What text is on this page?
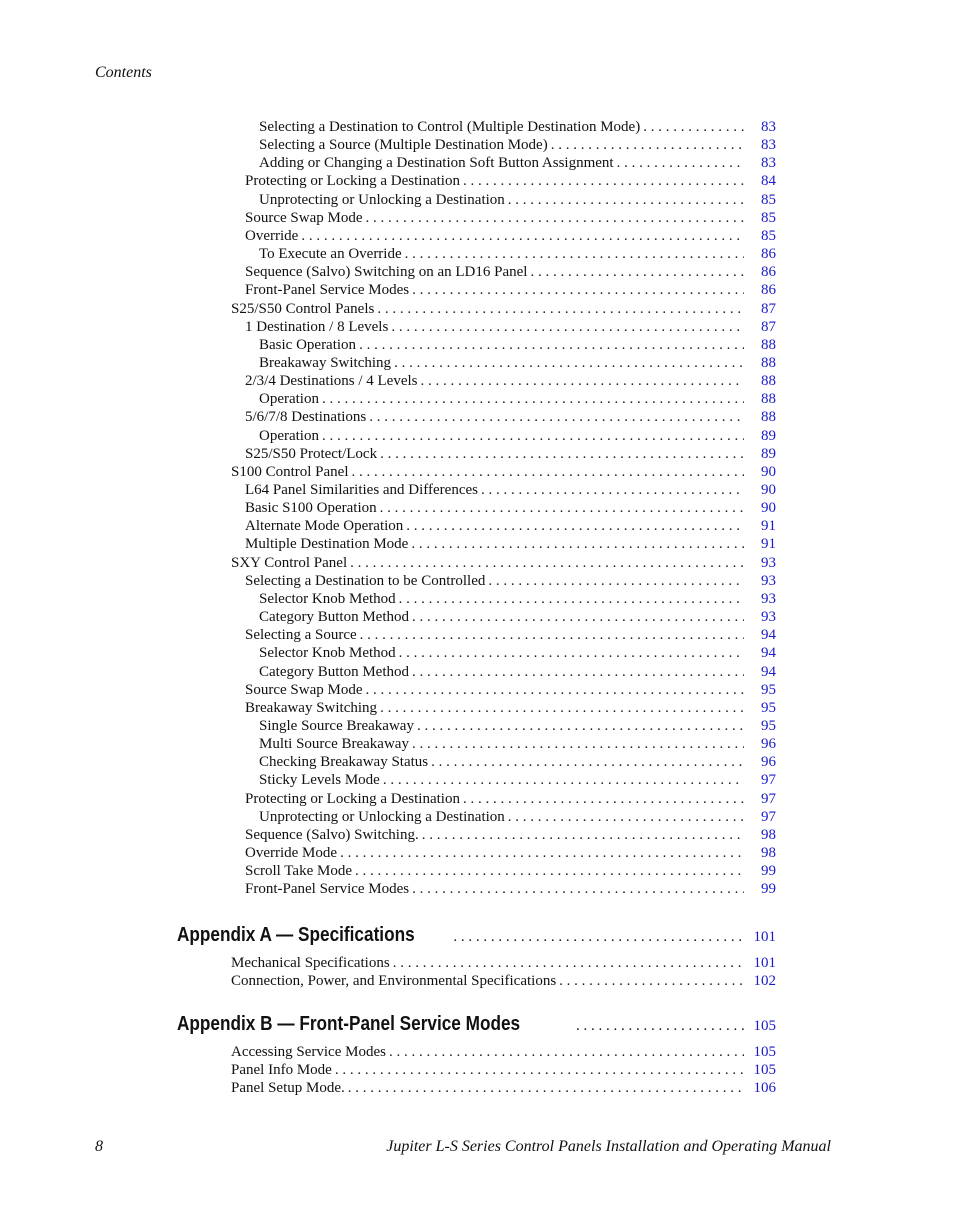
Contents
Selecting a Destination to Control (Multiple Destination Mode) . . .	83
Selecting a Source (Multiple Destination Mode) . . .	83
Adding or Changing a Destination Soft Button Assignment . . .	83
Protecting or Locking a Destination . . .	84
Unprotecting or Unlocking a Destination . . .	85
Source Swap Mode . . .	85
Override . . .	85
To Execute an Override . . .	86
Sequence (Salvo) Switching on an LD16 Panel . . .	86
Front-Panel Service Modes . . .	86
S25/S50 Control Panels . . .	87
1 Destination / 8 Levels . . .	87
Basic Operation . . .	88
Breakaway Switching . . .	88
2/3/4 Destinations / 4 Levels . . .	88
Operation . . .	88
5/6/7/8 Destinations . . .	88
Operation . . .	89
S25/S50 Protect/Lock . . .	89
S100 Control Panel . . .	90
L64 Panel Similarities and Differences . . .	90
Basic S100 Operation . . .	90
Alternate Mode Operation . . .	91
Multiple Destination Mode . . .	91
SXY Control Panel . . .	93
Selecting a Destination to be Controlled . . .	93
Selector Knob Method . . .	93
Category Button Method . . .	93
Selecting a Source . . .	94
Selector Knob Method . . .	94
Category Button Method . . .	94
Source Swap Mode . . .	95
Breakaway Switching . . .	95
Single Source Breakaway . . .	95
Multi Source Breakaway . . .	96
Checking Breakaway Status . . .	96
Sticky Levels Mode . . .	97
Protecting or Locking a Destination . . .	97
Unprotecting or Unlocking a Destination . . .	97
Sequence (Salvo) Switching. . . .	98
Override Mode . . .	98
Scroll Take Mode . . .	99
Front-Panel Service Modes . . .	99
Appendix A — Specifications . . .	101
Mechanical Specifications . . .	101
Connection, Power, and Environmental Specifications . . .	102
Appendix B — Front-Panel Service Modes . . .	105
Accessing Service Modes . . .	105
Panel Info Mode . . .	105
Panel Setup Mode. . . .	106
8	Jupiter L-S Series Control Panels Installation and Operating Manual
